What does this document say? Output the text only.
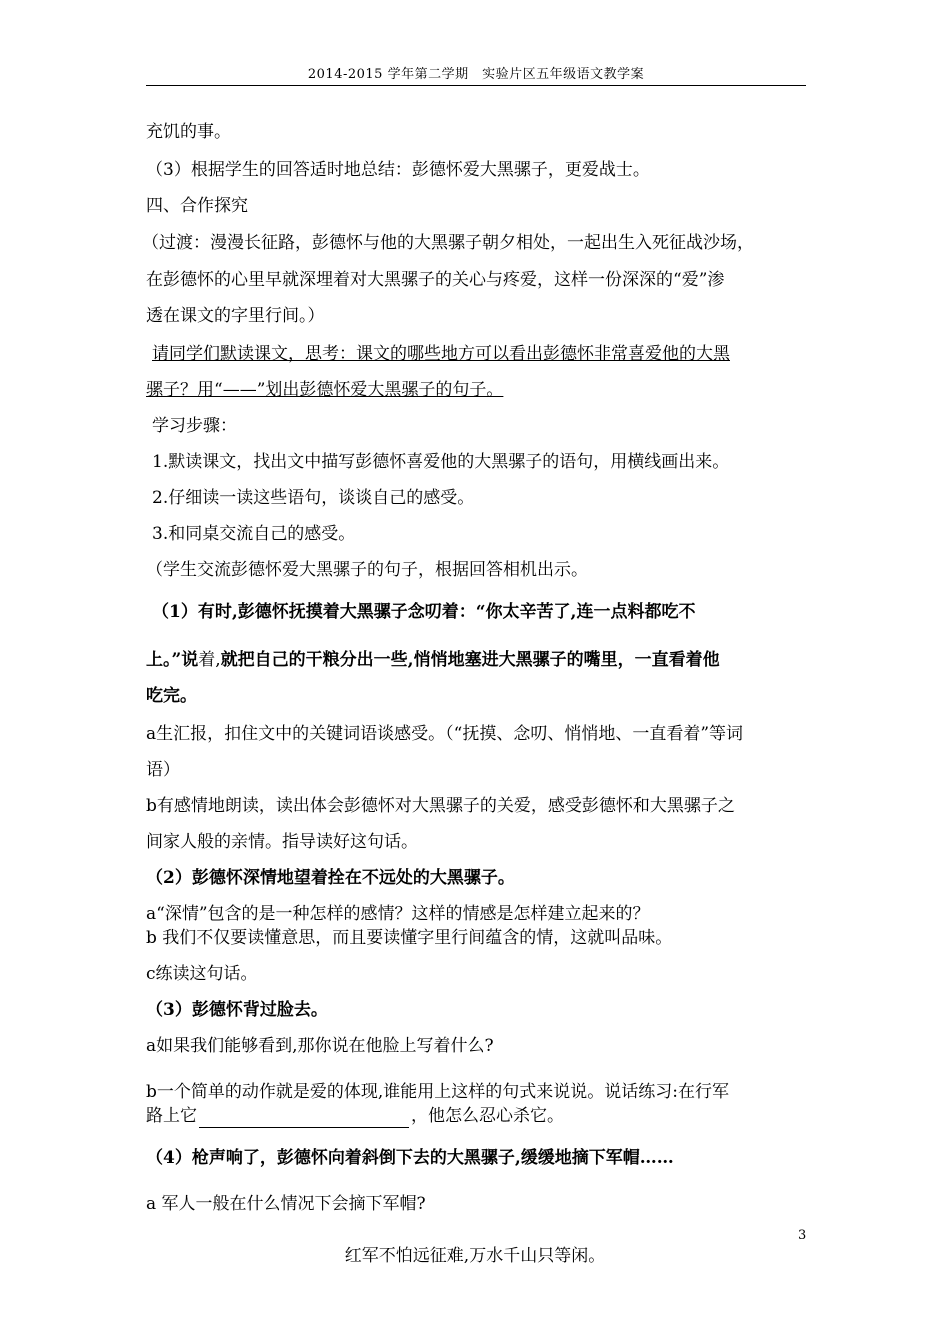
2014-2015 学年第二学期　实验片区五年级语文教学案
充饥的事。
（3）根据学生的回答适时地总结：彭德怀爱大黑骡子，更爱战士。
四、合作探究
（过渡：漫漫长征路，彭德怀与他的大黑骡子朝夕相处，一起出生入死征战沙场，
在彭德怀的心里早就深埋着对大黑骡子的关心与疼爱，这样一份深深的“爱”渗
透在课文的字里行间。）
请同学们默读课文，思考：课文的哪些地方可以看出彭德怀非常喜爱他的大黑
骡子？用“——”划出彭德怀爱大黑骡子的句子。
学习步骤：
1.默读课文，找出文中描写彭德怀喜爱他的大黑骡子的语句，用横线画出来。
2.仔细读一读这些语句，谈谈自己的感受。
3.和同桌交流自己的感受。
（学生交流彭德怀爱大黑骡子的句子，根据回答相机出示。
（1）有时,彭德怀抚摸着大黑骡子念叨着：“你太辛苦了,连一点料都吃不
上。”说着,就把自己的干粮分出一些,悄悄地塞进大黑骡子的嘴里，一直看着他
吃完。
a生汇报，扣住文中的关键词语谈感受。（“抚摸、念叨、悄悄地、一直看着”等词
语）
b有感情地朗读，读出体会彭德怀对大黑骡子的关爱，感受彭德怀和大黑骡子之
间家人般的亲情。指导读好这句话。
（2）彭德怀深情地望着拴在不远处的大黑骡子。
a“深情”包含的是一种怎样的感情？这样的情感是怎样建立起来的？
b 我们不仅要读懂意思，而且要读懂字里行间蕴含的情，这就叫品味。
c练读这句话。
（3）彭德怀背过脸去。
a如果我们能够看到,那你说在他脸上写着什么?
b一个简单的动作就是爱的体现,谁能用上这样的句式来说说。说话练习:在行军
路上它	，他怎么忍心杀它。
（4）枪声响了，彭德怀向着斜倒下去的大黑骡子,缓缓地摘下军帽……
a 军人一般在什么情况下会摘下军帽?
3
红军不怕远征难,万水千山只等闲。
